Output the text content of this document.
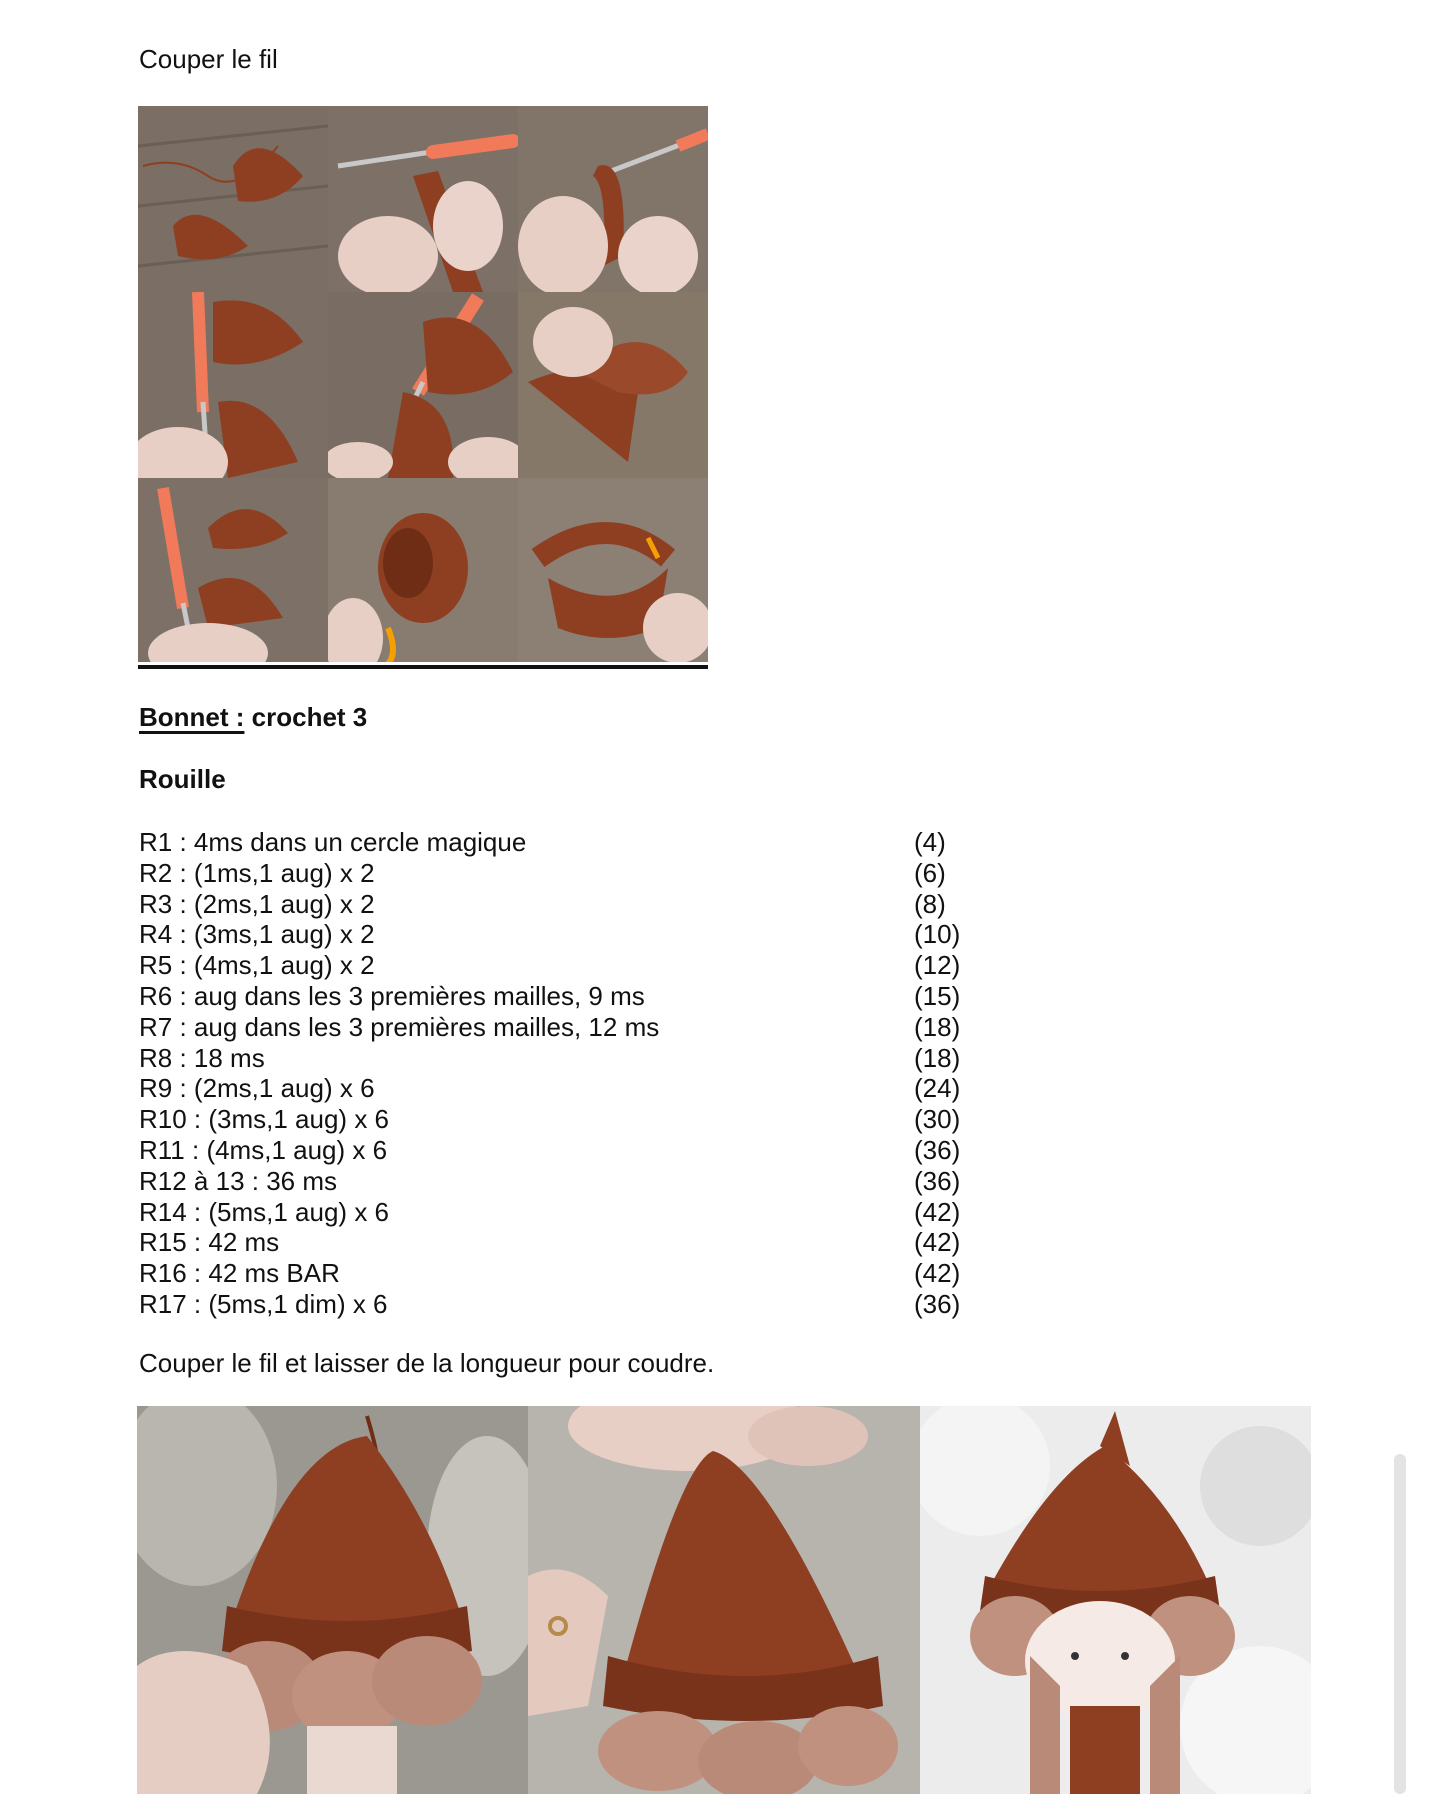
Couper le fil
Bonnet : crochet 3
Rouille
R1 : 4ms dans un cercle magique	(4)
R2 : (1ms,1 aug) x 2	(6)
R3 : (2ms,1 aug) x 2	(8)
R4 : (3ms,1 aug) x 2	(10)
R5 : (4ms,1 aug) x 2	(12)
R6 : aug dans les 3 premières mailles, 9 ms	(15)
R7 : aug dans les 3 premières mailles, 12 ms	(18)
R8 : 18 ms	(18)
R9 : (2ms,1 aug) x 6	(24)
R10 : (3ms,1 aug) x 6	(30)
R11 : (4ms,1 aug) x 6	(36)
R12 à 13 : 36 ms	(36)
R14 : (5ms,1 aug) x 6	(42)
R15 : 42 ms	(42)
R16 : 42 ms BAR	(42)
R17 : (5ms,1 dim) x 6	(36)
Couper le fil et laisser de la longueur pour coudre.
